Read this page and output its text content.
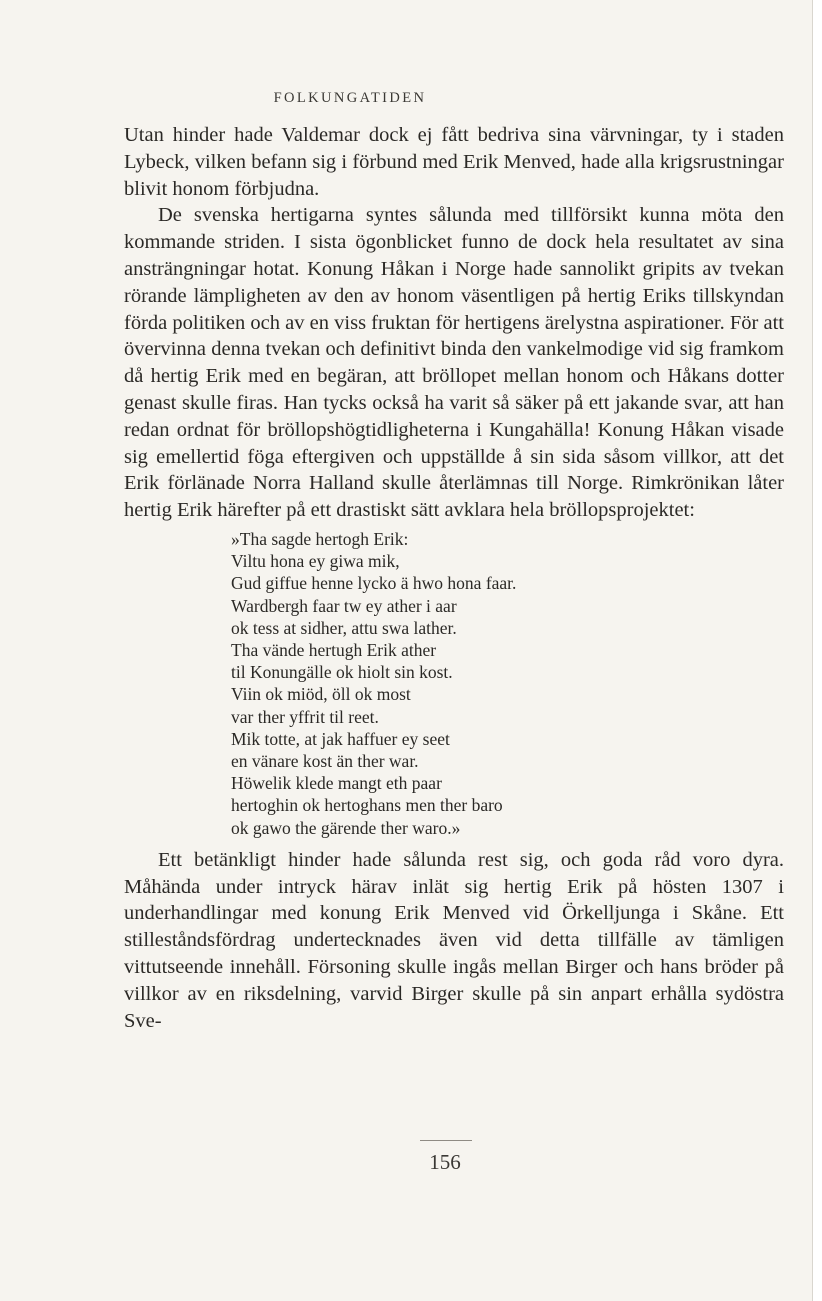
FOLKUNGATIDEN

Utan hinder hade Valdemar dock ej fått bedriva sina värvningar, ty i staden Lybeck, vilken befann sig i förbund med Erik Menved, hade alla krigsrustningar blivit honom förbjudna.

De svenska hertigarna syntes sålunda med tillförsikt kunna möta den kommande striden. I sista ögonblicket funno de dock hela resultatet av sina ansträngningar hotat. Konung Håkan i Norge hade sannolikt gripits av tvekan rörande lämpligheten av den av honom väsentligen på hertig Eriks tillskyndan förda politiken och av en viss fruktan för hertigens ärelystna aspirationer. För att övervinna denna tvekan och definitivt binda den vankelmodige vid sig framkom då hertig Erik med en begäran, att bröllopet mellan honom och Håkans dotter genast skulle firas. Han tycks också ha varit så säker på ett jakande svar, att han redan ordnat för bröllopshögtidligheterna i Kungahälla! Konung Håkan visade sig emellertid föga eftergiven och uppställde å sin sida såsom villkor, att det Erik förlänade Norra Halland skulle återlämnas till Norge. Rimkrönikan låter hertig Erik härefter på ett drastiskt sätt avklara hela bröllopsprojektet:

»Tha sagde hertogh Erik:
Viltu hona ey giwa mik,
Gud giffue henne lycko ä hwo hona faar.
Wardbergh faar tw ey ather i aar
ok tess at sidher, attu swa lather.
Tha vände hertugh Erik ather
til Konungälle ok hiolt sin kost.
Viin ok miöd, öll ok most
var ther yffrit til reet.
Mik totte, at jak haffuer ey seet
en vänare kost än ther war.
Höwelik klede mangt eth paar
hertoghin ok hertoghans men ther baro
ok gawo the gärende ther waro.»

Ett betänkligt hinder hade sålunda rest sig, och goda råd voro dyra. Måhända under intryck härav inlät sig hertig Erik på hösten 1307 i underhandlingar med konung Erik Menved vid Örkelljunga i Skåne. Ett stilleståndsfördrag undertecknades även vid detta tillfälle av tämligen vittutseende innehåll. Försoning skulle ingås mellan Birger och hans bröder på villkor av en riksdelning, varvid Birger skulle på sin anpart erhålla sydöstra Sve-

156
